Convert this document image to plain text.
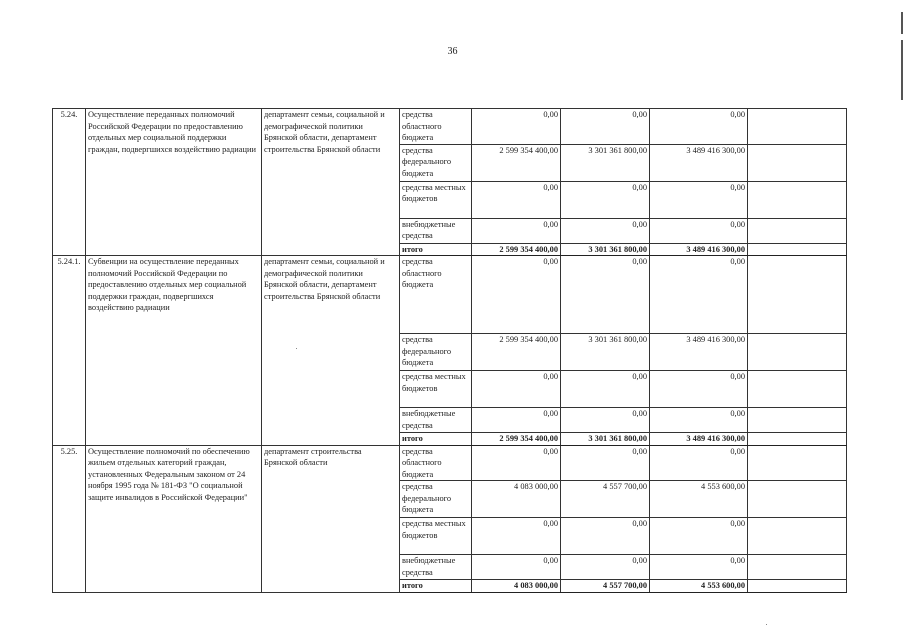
36
5.24.	Осуществление переданных полномочий Российской Федерации по предоставлению отдельных мер социальной поддержки граждан, подвергшихся воздействию радиации	департамент семьи, социальной и демографической политики Брянской области, департамент строительства Брянской области	средства областного бюджета	0,00	0,00	0,00	
			средства федерального бюджета	2 599 354 400,00	3 301 361 800,00	3 489 416 300,00	
			средства местных бюджетов	0,00	0,00	0,00	
			внебюджетные средства	0,00	0,00	0,00	
			итого	2 599 354 400,00	3 301 361 800,00	3 489 416 300,00	
5.24.1.	Субвенции на осуществление переданных полномочий Российской Федерации по предоставлению отдельных мер социальной поддержки граждан, подвергшихся воздействию радиации	департамент семьи, социальной и демографической политики Брянской области, департамент строительства Брянской области	средства областного бюджета	0,00	0,00	0,00	
			средства федерального бюджета	2 599 354 400,00	3 301 361 800,00	3 489 416 300,00	
			средства местных бюджетов	0,00	0,00	0,00	
			внебюджетные средства	0,00	0,00	0,00	
			итого	2 599 354 400,00	3 301 361 800,00	3 489 416 300,00	
5.25.	Осуществление полномочий по обеспечению жильем отдельных категорий граждан, установленных Федеральным законом от 24 ноября 1995 года № 181-ФЗ "О социальной защите инвалидов в Российской Федерации"	департамент строительства Брянской области	средства областного бюджета	0,00	0,00	0,00	
			средства федерального бюджета	4 083 000,00	4 557 700,00	4 553 600,00	
			средства местных бюджетов	0,00	0,00	0,00	
			внебюджетные средства	0,00	0,00	0,00	
			итого	4 083 000,00	4 557 700,00	4 553 600,00	
